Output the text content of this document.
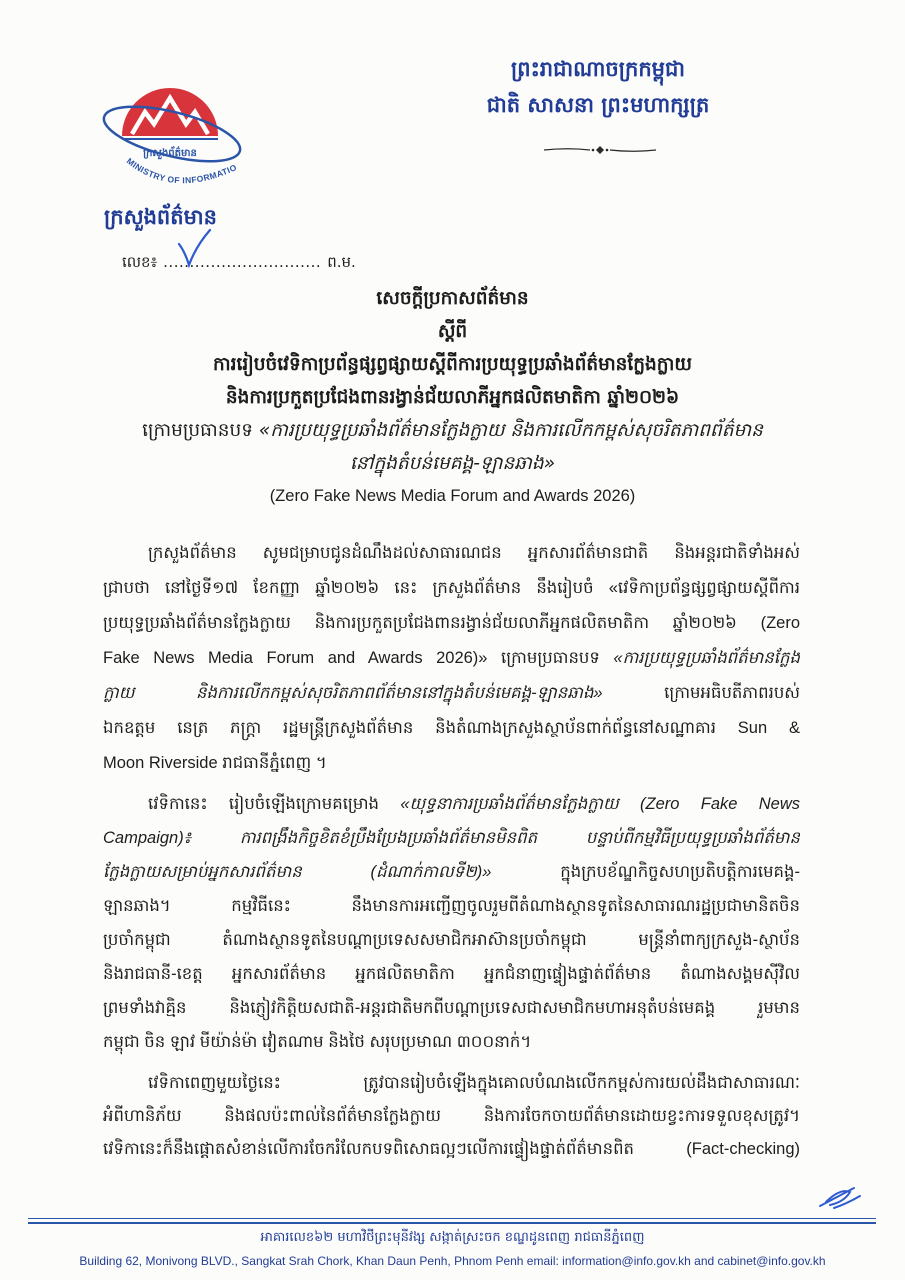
ព្រះរាជាណាចក្រកម្ពុជា
ជាតិ សាសនា ព្រះមហាក្សត្រ
ក្រសួងព័ត៌មាន
MINISTRY OF INFORMATION
ក្រសួងព័ត៌មាន
លេខ៖ .............................. ព.ម.
សេចក្តីប្រកាសព័ត៌មាន
ស្តីពី
ការរៀបចំវេទិកាប្រព័ន្ធផ្សព្វផ្សាយស្តីពីការប្រយុទ្ធប្រឆាំងព័ត៌មានក្លែងក្លាយ
និងការប្រកួតប្រជែងពានរង្វាន់ជ័យលាភីអ្នកផលិតមាតិកា ឆ្នាំ២០២៦
ក្រោមប្រធានបទ «ការប្រយុទ្ធប្រឆាំងព័ត៌មានក្លែងក្លាយ និងការលើកកម្ពស់សុចរិតភាពព័ត៌មាន
នៅក្នុងតំបន់មេគង្គ-ឡានឆាង»
(Zero Fake News Media Forum and Awards 2026)
ក្រសួងព័ត៌មាន សូមជម្រាបជូនដំណឹងដល់សាធារណជន អ្នកសារព័ត៌មានជាតិ និងអន្តរជាតិទាំងអស់
ជ្រាបថា នៅថ្ងៃទី១៧ ខែកញ្ញា ឆ្នាំ២០២៦ នេះ ក្រសួងព័ត៌មាន នឹងរៀបចំ «វេទិកាប្រព័ន្ធផ្សព្វផ្សាយស្តីពីការ
ប្រយុទ្ធប្រឆាំងព័ត៌មានក្លែងក្លាយ និងការប្រកួតប្រជែងពានរង្វាន់ជ័យលាភីអ្នកផលិតមាតិកា ឆ្នាំ២០២៦ (Zero
Fake News Media Forum and Awards 2026)» ក្រោមប្រធានបទ «ការប្រយុទ្ធប្រឆាំងព័ត៌មានក្លែង
ក្លាយ និងការលើកកម្ពស់សុចរិតភាពព័ត៌មាននៅក្នុងតំបន់មេគង្គ-ឡានឆាង» ក្រោមអធិបតីភាពរបស់
ឯកឧត្តម នេត្រ ភក្ត្រា រដ្ឋមន្ត្រីក្រសួងព័ត៌មាន និងតំណាងក្រសួងស្ថាប័នពាក់ព័ន្ធនៅសណ្ឋាគារ Sun &
Moon Riverside រាជធានីភ្នំពេញ ។
វេទិកានេះ រៀបចំឡើងក្រោមគម្រោង «យុទ្ធនាការប្រឆាំងព័ត៌មានក្លែងក្លាយ (Zero Fake News
Campaign)៖ ការពង្រឹងកិច្ចខិតខំប្រឹងប្រែងប្រឆាំងព័ត៌មានមិនពិត បន្ទាប់ពីកម្មវិធីប្រយុទ្ធប្រឆាំងព័ត៌មាន
ក្លែងក្លាយសម្រាប់អ្នកសារព័ត៌មាន (ដំណាក់កាលទី២)» ក្នុងក្របខ័ណ្ឌកិច្ចសហប្រតិបត្តិការមេគង្គ-
ឡានឆាង។ កម្មវិធីនេះ នឹងមានការអញ្ជើញចូលរួមពីតំណាងស្ថានទូតនៃសាធារណរដ្ឋប្រជាមានិតចិន
ប្រចាំកម្ពុជា តំណាងស្ថានទូតនៃបណ្តាប្រទេសសមាជិកអាស៊ានប្រចាំកម្ពុជា មន្ត្រីនាំពាក្យក្រសួង-ស្ថាប័ន
និងរាជធានី-ខេត្ត អ្នកសារព័ត៌មាន អ្នកផលិតមាតិកា អ្នកជំនាញផ្ទៀងផ្ទាត់ព័ត៌មាន តំណាងសង្គមស៊ីវិល
ព្រមទាំងវាគ្មិន និងភ្ញៀវកិត្តិយសជាតិ-អន្តរជាតិមកពីបណ្តាប្រទេសជាសមាជិកមហាអនុតំបន់មេគង្គ រួមមាន
កម្ពុជា ចិន ឡាវ មីយ៉ាន់ម៉ា វៀតណាម និងថៃ សរុបប្រមាណ ៣០០នាក់។
វេទិកាពេញមួយថ្ងៃនេះ ត្រូវបានរៀបចំឡើងក្នុងគោលបំណងលើកកម្ពស់ការយល់ដឹងជាសាធារណៈ
អំពីហានិភ័យ និងផលប៉ះពាល់នៃព័ត៌មានក្លែងក្លាយ និងការចែកចាយព័ត៌មានដោយខ្វះការទទួលខុសត្រូវ។
វេទិកានេះក៏នឹងផ្តោតសំខាន់លើការចែករំលែកបទពិសោធល្អៗលើការផ្ទៀងផ្ទាត់ព័ត៌មានពិត (Fact-checking)
អាគារលេខ៦២ មហាវិថីព្រះមុនីវង្ស សង្កាត់ស្រះចក ខណ្ឌដូនពេញ រាជធានីភ្នំពេញ
Building 62, Monivong BLVD., Sangkat Srah Chork, Khan Daun Penh, Phnom Penh email: information@info.gov.kh and cabinet@info.gov.kh
